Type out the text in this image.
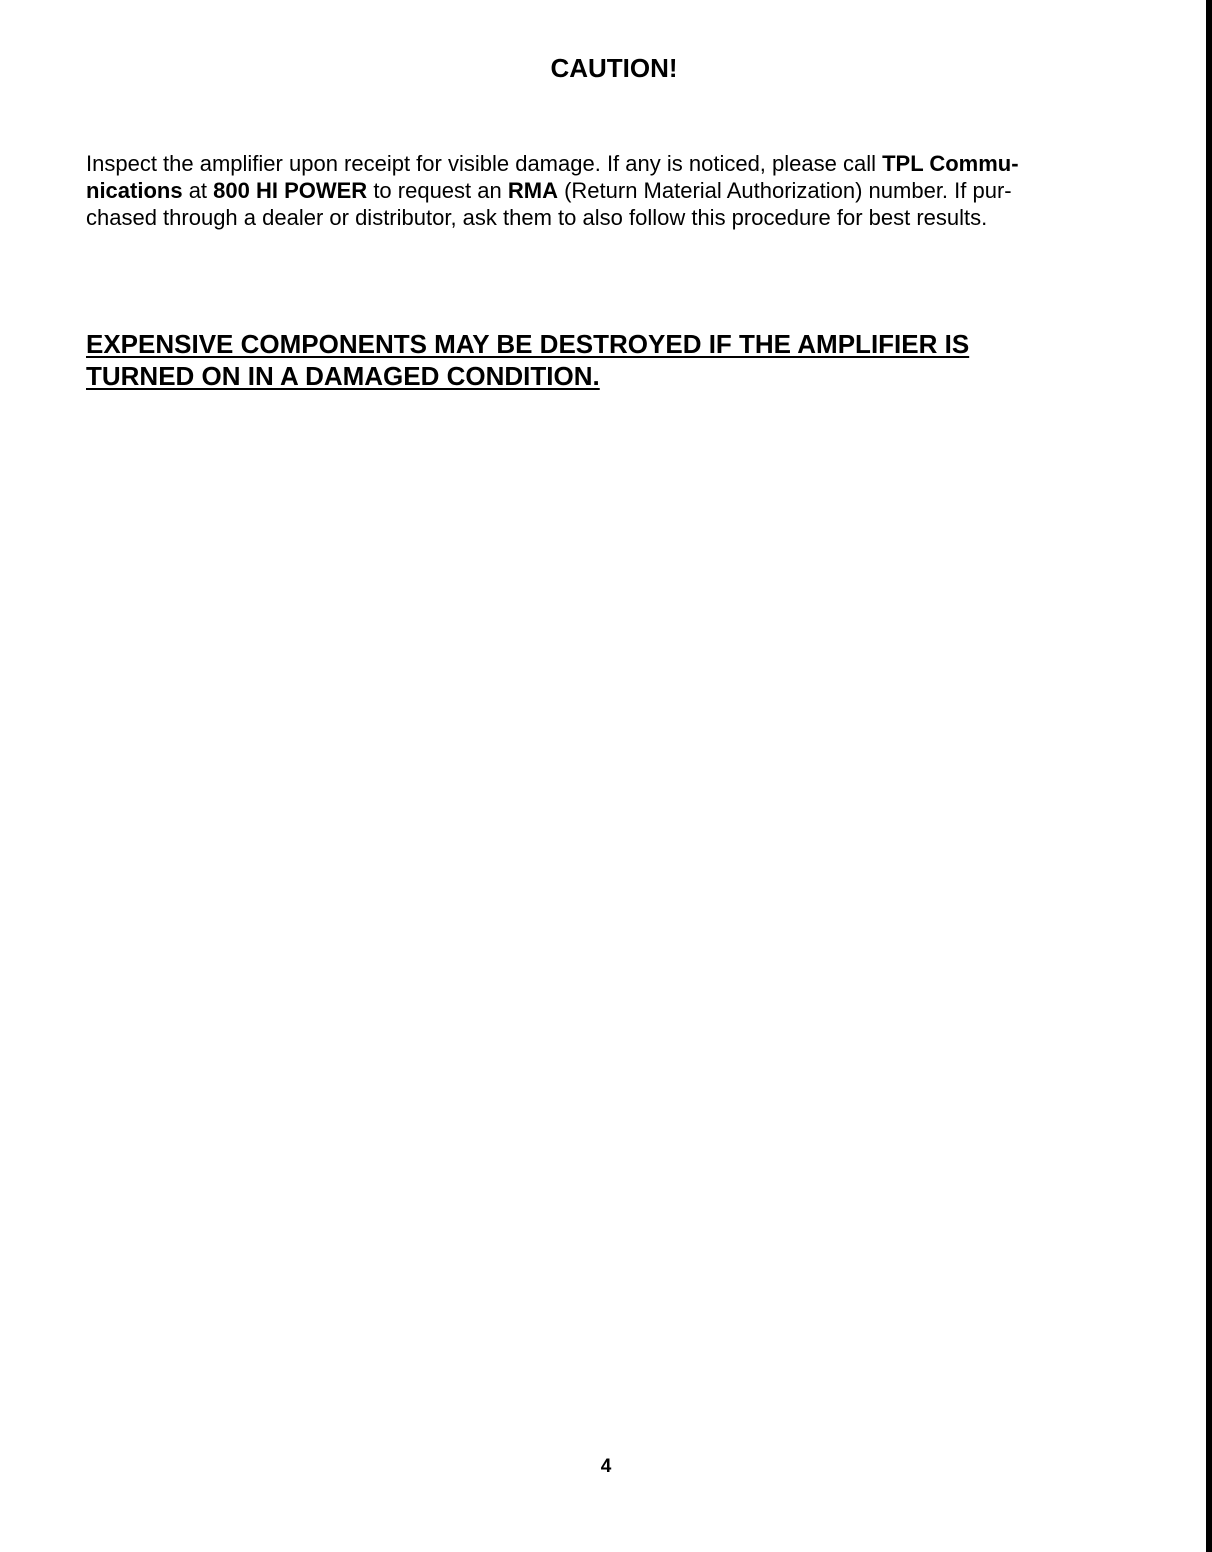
CAUTION!
Inspect the amplifier upon receipt for visible damage. If any is noticed, please call TPL Commu-
nications at 800 HI POWER to request an RMA (Return Material Authorization) number. If pur-
chased through a dealer or distributor, ask them to also follow this procedure for best results.
EXPENSIVE COMPONENTS MAY BE DESTROYED IF THE AMPLIFIER IS
TURNED ON IN A DAMAGED CONDITION.
4
